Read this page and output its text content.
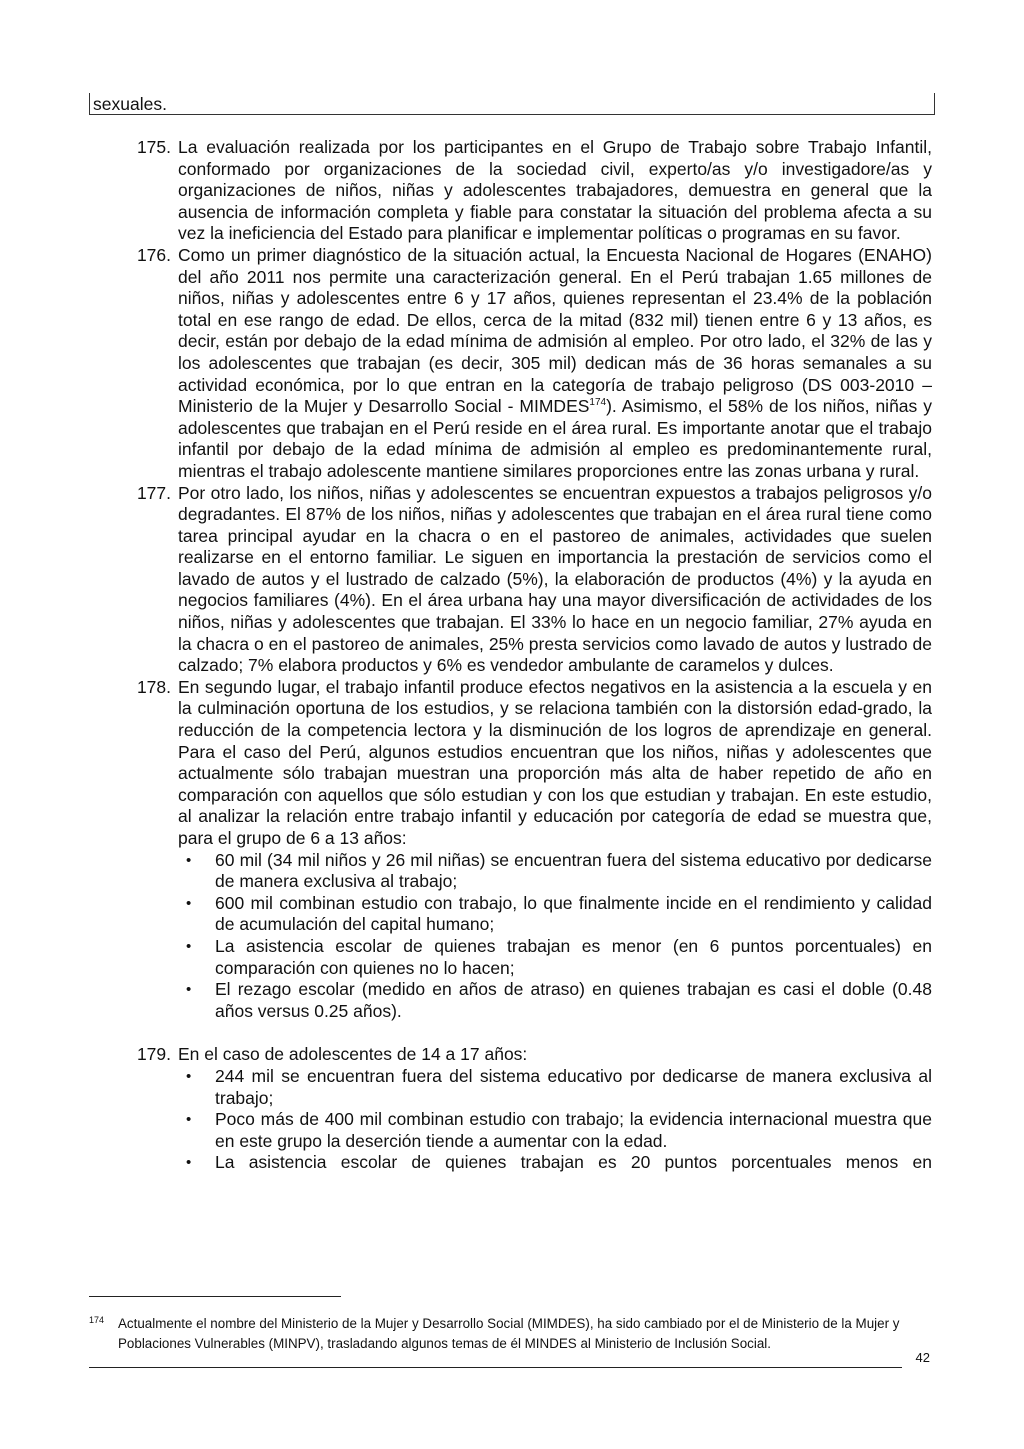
sexuales.
175. La evaluación realizada por los participantes en el Grupo de Trabajo sobre Trabajo Infantil, conformado por organizaciones de la sociedad civil, experto/as y/o investigadore/as y organizaciones de niños, niñas y adolescentes trabajadores, demuestra en general que la ausencia de información completa y fiable para constatar la situación del problema afecta a su vez la ineficiencia del Estado para planificar e implementar políticas o programas en su favor.

176. Como un primer diagnóstico de la situación actual, la Encuesta Nacional de Hogares (ENAHO) del año 2011 nos permite una caracterización general. En el Perú trabajan 1.65 millones de niños, niñas y adolescentes entre 6 y 17 años, quienes representan el 23.4% de la población total en ese rango de edad. De ellos, cerca de la mitad (832 mil) tienen entre 6 y 13 años, es decir, están por debajo de la edad mínima de admisión al empleo. Por otro lado, el 32% de las y los adolescentes que trabajan (es decir, 305 mil) dedican más de 36 horas semanales a su actividad económica, por lo que entran en la categoría de trabajo peligroso (DS 003-2010 – Ministerio de la Mujer y Desarrollo Social - MIMDES$^{174}$). Asimismo, el 58% de los niños, niñas y adolescentes que trabajan en el Perú reside en el área rural. Es importante anotar que el trabajo infantil por debajo de la edad mínima de admisión al empleo es predominantemente rural, mientras el trabajo adolescente mantiene similares proporciones entre las zonas urbana y rural.

177. Por otro lado, los niños, niñas y adolescentes se encuentran expuestos a trabajos peligrosos y/o degradantes. El 87% de los niños, niñas y adolescentes que trabajan en el área rural tiene como tarea principal ayudar en la chacra o en el pastoreo de animales, actividades que suelen realizarse en el entorno familiar. Le siguen en importancia la prestación de servicios como el lavado de autos y el lustrado de calzado (5%), la elaboración de productos (4%) y la ayuda en negocios familiares (4%). En el área urbana hay una mayor diversificación de actividades de los niños, niñas y adolescentes que trabajan. El 33% lo hace en un negocio familiar, 27% ayuda en la chacra o en el pastoreo de animales, 25% presta servicios como lavado de autos y lustrado de calzado; 7% elabora productos y 6% es vendedor ambulante de caramelos y dulces.

178. En segundo lugar, el trabajo infantil produce efectos negativos en la asistencia a la escuela y en la culminación oportuna de los estudios, y se relaciona también con la distorsión edad-grado, la reducción de la competencia lectora y la disminución de los logros de aprendizaje en general. Para el caso del Perú, algunos estudios encuentran que los niños, niñas y adolescentes que actualmente sólo trabajan muestran una proporción más alta de haber repetido de año en comparación con aquellos que sólo estudian y con los que estudian y trabajan. En este estudio, al analizar la relación entre trabajo infantil y educación por categoría de edad se muestra que, para el grupo de 6 a 13 años:

• 60 mil (34 mil niños y 26 mil niñas) se encuentran fuera del sistema educativo por dedicarse de manera exclusiva al trabajo;
• 600 mil combinan estudio con trabajo, lo que finalmente incide en el rendimiento y calidad de acumulación del capital humano;
• La asistencia escolar de quienes trabajan es menor (en 6 puntos porcentuales) en comparación con quienes no lo hacen;
• El rezago escolar (medido en años de atraso) en quienes trabajan es casi el doble (0.48 años versus 0.25 años).
179. En el caso de adolescentes de 14 a 17 años:

• 244 mil se encuentran fuera del sistema educativo por dedicarse de manera exclusiva al trabajo;
• Poco más de 400 mil combinan estudio con trabajo; la evidencia internacional muestra que en este grupo la deserción tiende a aumentar con la edad.
• La asistencia escolar de quienes trabajan es 20 puntos porcentuales menos en
174	Actualmente el nombre del Ministerio de la Mujer y Desarrollo Social (MIMDES), ha sido cambiado por el de Ministerio de la Mujer y
Poblaciones Vulnerables (MINPV), trasladando algunos temas de él MINDES al Ministerio de Inclusión Social.
42
